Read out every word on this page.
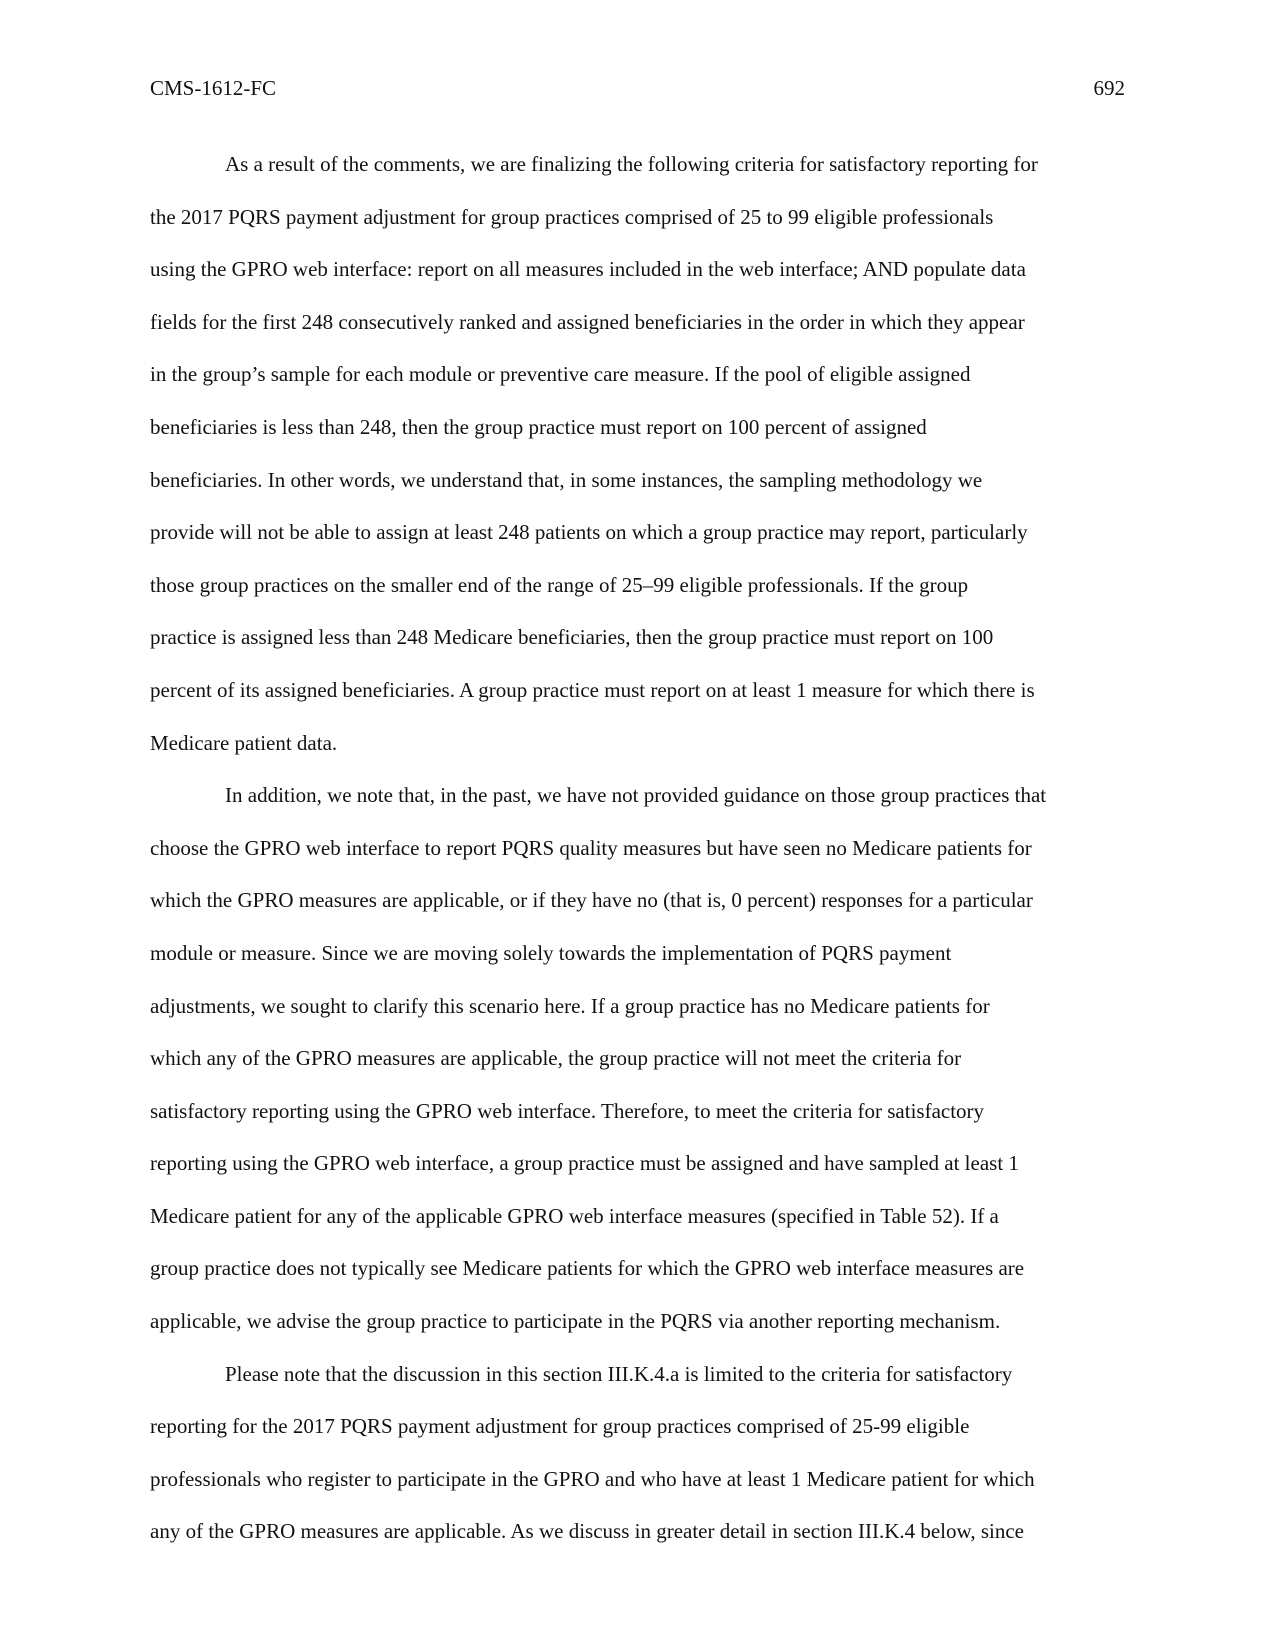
CMS-1612-FC	692
As a result of the comments, we are finalizing the following criteria for satisfactory reporting for
the 2017 PQRS payment adjustment for group practices comprised of 25 to 99 eligible professionals
using the GPRO web interface: report on all measures included in the web interface; AND populate data
fields for the first 248 consecutively ranked and assigned beneficiaries in the order in which they appear
in the group’s sample for each module or preventive care measure. If the pool of eligible assigned
beneficiaries is less than 248, then the group practice must report on 100 percent of assigned
beneficiaries. In other words, we understand that, in some instances, the sampling methodology we
provide will not be able to assign at least 248 patients on which a group practice may report, particularly
those group practices on the smaller end of the range of 25–99 eligible professionals. If the group
practice is assigned less than 248 Medicare beneficiaries, then the group practice must report on 100
percent of its assigned beneficiaries. A group practice must report on at least 1 measure for which there is
Medicare patient data.
In addition, we note that, in the past, we have not provided guidance on those group practices that
choose the GPRO web interface to report PQRS quality measures but have seen no Medicare patients for
which the GPRO measures are applicable, or if they have no (that is, 0 percent) responses for a particular
module or measure. Since we are moving solely towards the implementation of PQRS payment
adjustments, we sought to clarify this scenario here. If a group practice has no Medicare patients for
which any of the GPRO measures are applicable, the group practice will not meet the criteria for
satisfactory reporting using the GPRO web interface. Therefore, to meet the criteria for satisfactory
reporting using the GPRO web interface, a group practice must be assigned and have sampled at least 1
Medicare patient for any of the applicable GPRO web interface measures (specified in Table 52). If a
group practice does not typically see Medicare patients for which the GPRO web interface measures are
applicable, we advise the group practice to participate in the PQRS via another reporting mechanism.
Please note that the discussion in this section III.K.4.a is limited to the criteria for satisfactory
reporting for the 2017 PQRS payment adjustment for group practices comprised of 25-99 eligible
professionals who register to participate in the GPRO and who have at least 1 Medicare patient for which
any of the GPRO measures are applicable. As we discuss in greater detail in section III.K.4 below, since
